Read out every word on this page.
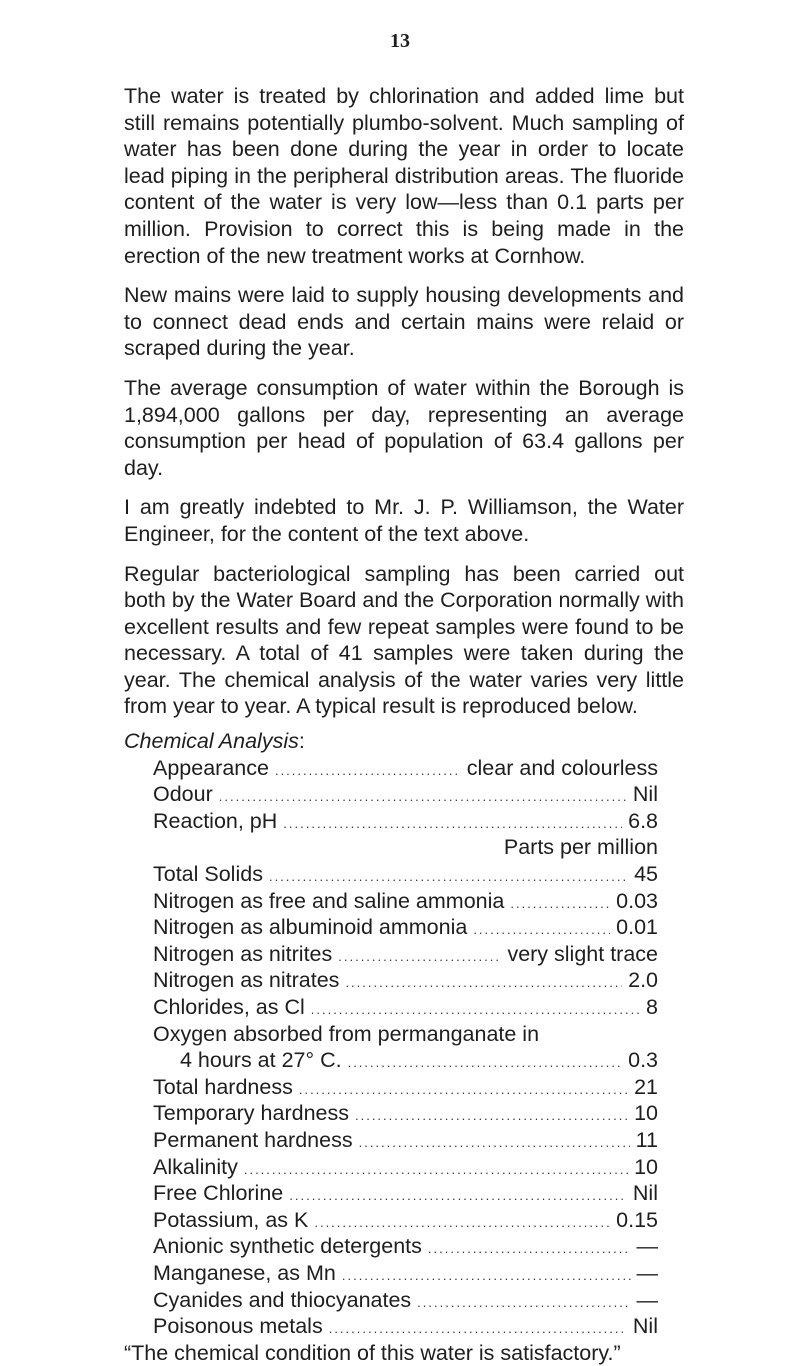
13

The water is treated by chlorination and added lime but still remains potentially plumbo-solvent. Much sampling of water has been done during the year in order to locate lead piping in the peripheral distribution areas. The fluoride content of the water is very low—less than 0.1 parts per million. Provision to correct this is being made in the erection of the new treatment works at Cornhow.

New mains were laid to supply housing developments and to connect dead ends and certain mains were relaid or scraped during the year.

The average consumption of water within the Borough is 1,894,000 gallons per day, representing an average consumption per head of population of 63.4 gallons per day.

I am greatly indebted to Mr. J. P. Williamson, the Water Engineer, for the content of the text above.

Regular bacteriological sampling has been carried out both by the Water Board and the Corporation normally with excellent results and few repeat samples were found to be necessary. A total of 41 samples were taken during the year. The chemical analysis of the water varies very little from year to year. A typical result is reproduced below.

Chemical Analysis:
Appearance .....	clear and colourless
Odour .....	Nil
Reaction, pH .....	6.8
Parts per million
Total Solids .....	45
Nitrogen as free and saline ammonia .....	0.03
Nitrogen as albuminoid ammonia .....	0.01
Nitrogen as nitrites .....	very slight trace
Nitrogen as nitrates .....	2.0
Chlorides, as Cl .....	8
Oxygen absorbed from permanganate in
4 hours at 27° C. .....	0.3
Total hardness .....	21
Temporary hardness .....	10
Permanent hardness .....	11
Alkalinity .....	10
Free Chlorine .....	Nil
Potassium, as K .....	0.15
Anionic synthetic detergents .....	—
Manganese, as Mn .....	—
Cyanides and thiocyanates .....	—
Poisonous metals .....	Nil

“The chemical condition of this water is satisfactory.”
